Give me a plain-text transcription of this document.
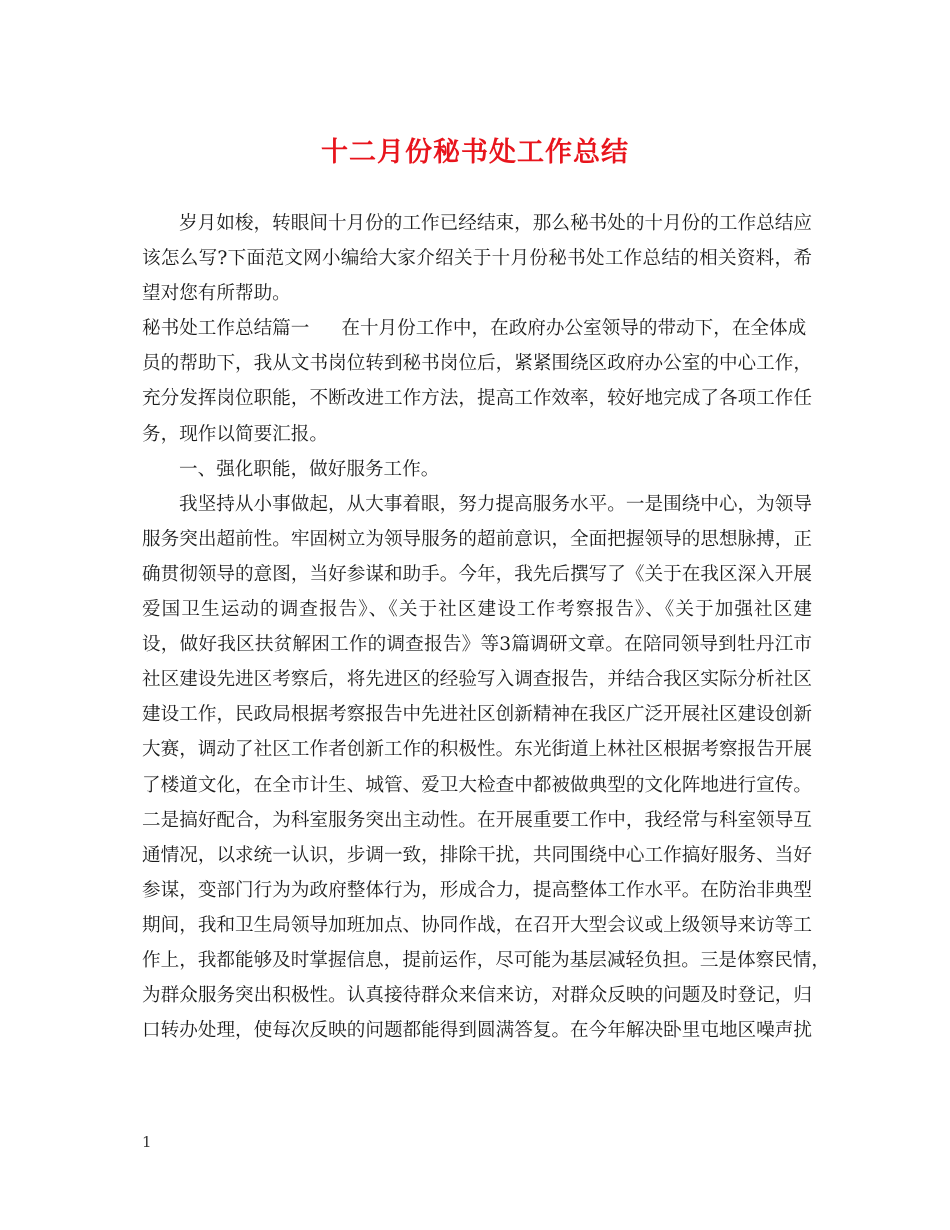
十二月份秘书处工作总结
岁月如梭，转眼间十月份的工作已经结束，那么秘书处的十月份的工作总结应
该怎么写?下面范文网小编给大家介绍关于十月份秘书处工作总结的相关资料，希
望对您有所帮助。
秘书处工作总结篇一 在十月份工作中，在政府办公室领导的带动下，在全体成
员的帮助下，我从文书岗位转到秘书岗位后，紧紧围绕区政府办公室的中心工作，
充分发挥岗位职能，不断改进工作方法，提高工作效率，较好地完成了各项工作任
务，现作以简要汇报。
一、强化职能，做好服务工作。
我坚持从小事做起，从大事着眼，努力提高服务水平。一是围绕中心，为领导
服务突出超前性。牢固树立为领导服务的超前意识，全面把握领导的思想脉搏，正
确贯彻领导的意图，当好参谋和助手。今年，我先后撰写了《关于在我区深入开展
爱国卫生运动的调查报告》、《关于社区建设工作考察报告》、《关于加强社区建
设，做好我区扶贫解困工作的调查报告》等3篇调研文章。在陪同领导到牡丹江市
社区建设先进区考察后，将先进区的经验写入调查报告，并结合我区实际分析社区
建设工作，民政局根据考察报告中先进社区创新精神在我区广泛开展社区建设创新
大赛，调动了社区工作者创新工作的积极性。东光街道上林社区根据考察报告开展
了楼道文化，在全市计生、城管、爱卫大检查中都被做典型的文化阵地进行宣传。
二是搞好配合，为科室服务突出主动性。在开展重要工作中，我经常与科室领导互
通情况，以求统一认识，步调一致，排除干扰，共同围绕中心工作搞好服务、当好
参谋，变部门行为为政府整体行为，形成合力，提高整体工作水平。在防治非典型
期间，我和卫生局领导加班加点、协同作战，在召开大型会议或上级领导来访等工
作上，我都能够及时掌握信息，提前运作，尽可能为基层减轻负担。三是体察民情，
为群众服务突出积极性。认真接待群众来信来访，对群众反映的问题及时登记，归
口转办处理，使每次反映的问题都能得到圆满答复。在今年解决卧里屯地区噪声扰
1
